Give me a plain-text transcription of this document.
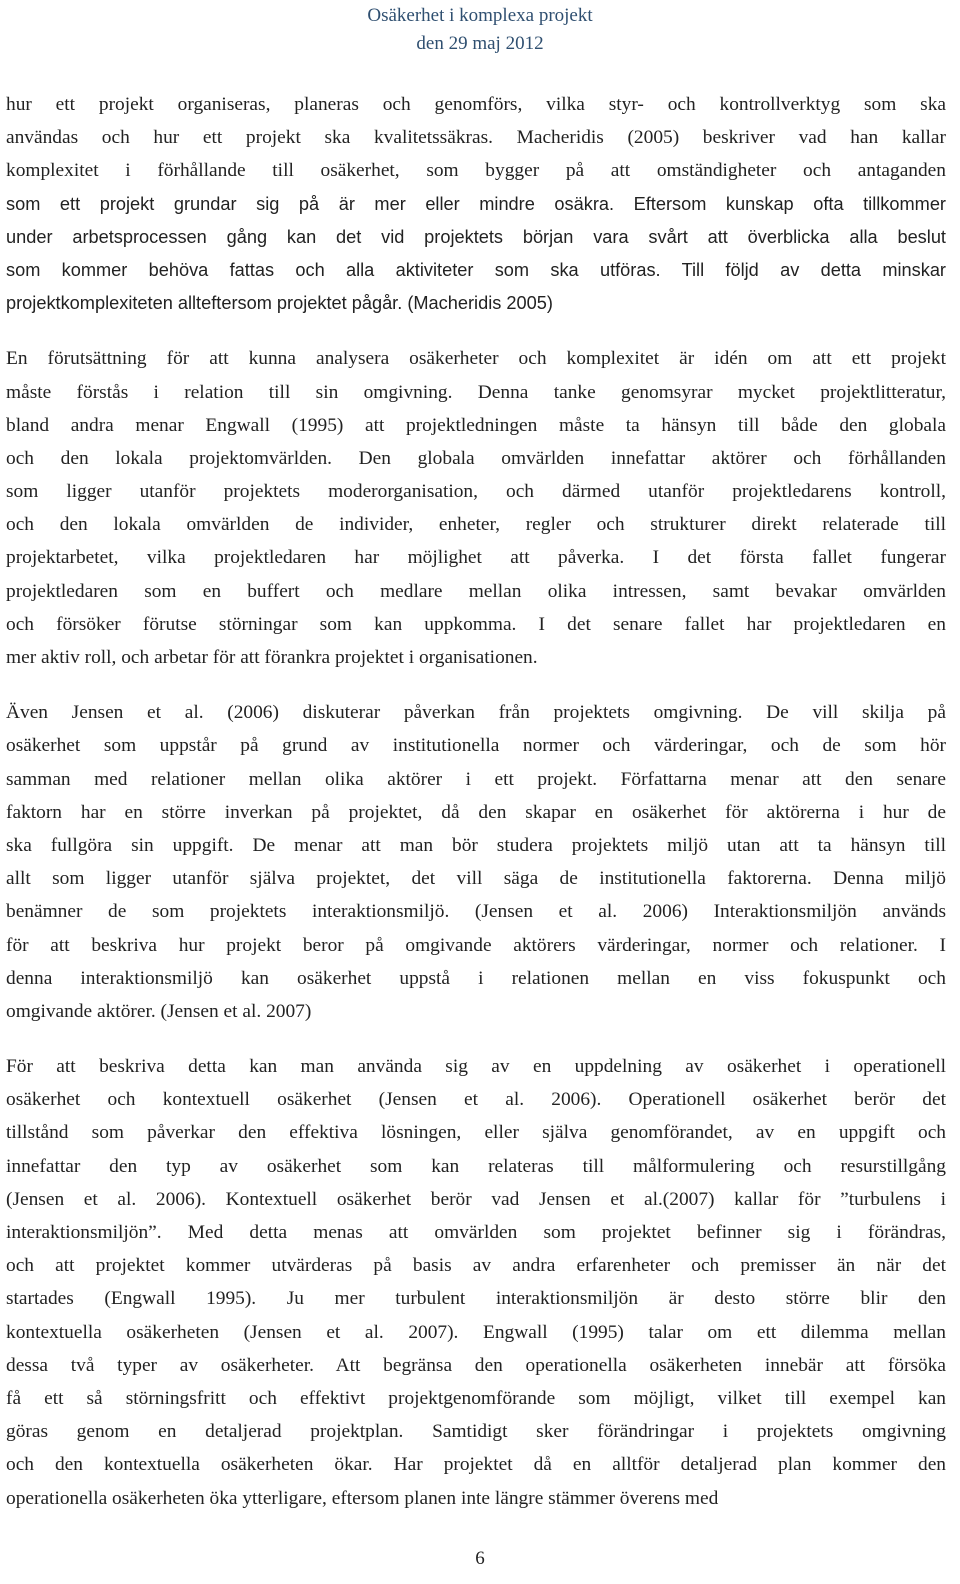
Osäkerhet i komplexa projekt
den 29 maj 2012
hur ett projekt organiseras, planeras och genomförs, vilka styr- och kontrollverktyg som ska
användas och hur ett projekt ska kvalitetssäkras. Macheridis (2005) beskriver vad han kallar
komplexitet i förhållande till osäkerhet, som bygger på att omständigheter och antaganden
som ett projekt grundar sig på är mer eller mindre osäkra. Eftersom kunskap ofta tillkommer
under arbetsprocessen gång kan det vid projektets början vara svårt att överblicka alla beslut
som kommer behöva fattas och alla aktiviteter som ska utföras. Till följd av detta minskar
projektkomplexiteten allteftersom projektet pågår. (Macheridis 2005)
En förutsättning för att kunna analysera osäkerheter och komplexitet är idén om att ett projekt
måste förstås i relation till sin omgivning. Denna tanke genomsyrar mycket projektlitteratur,
bland andra menar Engwall (1995) att projektledningen måste ta hänsyn till både den globala
och den lokala projektomvärlden. Den globala omvärlden innefattar aktörer och förhållanden
som ligger utanför projektets moderorganisation, och därmed utanför projektledarens kontroll,
och den lokala omvärlden de individer, enheter, regler och strukturer direkt relaterade till
projektarbetet, vilka projektledaren har möjlighet att påverka. I det första fallet fungerar
projektledaren som en buffert och medlare mellan olika intressen, samt bevakar omvärlden
och försöker förutse störningar som kan uppkomma. I det senare fallet har projektledaren en
mer aktiv roll, och arbetar för att förankra projektet i organisationen.
Även Jensen et al. (2006) diskuterar påverkan från projektets omgivning. De vill skilja på
osäkerhet som uppstår på grund av institutionella normer och värderingar, och de som hör
samman med relationer mellan olika aktörer i ett projekt. Författarna menar att den senare
faktorn har en större inverkan på projektet, då den skapar en osäkerhet för aktörerna i hur de
ska fullgöra sin uppgift. De menar att man bör studera projektets miljö utan att ta hänsyn till
allt som ligger utanför själva projektet, det vill säga de institutionella faktorerna. Denna miljö
benämner de som projektets interaktionsmiljö. (Jensen et al. 2006) Interaktionsmiljön används
för att beskriva hur projekt beror på omgivande aktörers värderingar, normer och relationer. I
denna interaktionsmiljö kan osäkerhet uppstå i relationen mellan en viss fokuspunkt och
omgivande aktörer. (Jensen et al. 2007)
För att beskriva detta kan man använda sig av en uppdelning av osäkerhet i operationell
osäkerhet och kontextuell osäkerhet (Jensen et al. 2006). Operationell osäkerhet berör det
tillstånd som påverkar den effektiva lösningen, eller själva genomförandet, av en uppgift och
innefattar den typ av osäkerhet som kan relateras till målformulering och resurstillgång
(Jensen et al. 2006). Kontextuell osäkerhet berör vad Jensen et al.(2007) kallar för ”turbulens i
interaktionsmiljön”. Med detta menas att omvärlden som projektet befinner sig i förändras,
och att projektet kommer utvärderas på basis av andra erfarenheter och premisser än när det
startades (Engwall 1995). Ju mer turbulent interaktionsmiljön är desto större blir den
kontextuella osäkerheten (Jensen et al. 2007). Engwall (1995) talar om ett dilemma mellan
dessa två typer av osäkerheter. Att begränsa den operationella osäkerheten innebär att försöka
få ett så störningsfritt och effektivt projektgenomförande som möjligt, vilket till exempel kan
göras genom en detaljerad projektplan. Samtidigt sker förändringar i projektets omgivning
och den kontextuella osäkerheten ökar. Har projektet då en alltför detaljerad plan kommer den
operationella osäkerheten öka ytterligare, eftersom planen inte längre stämmer överens med
6
